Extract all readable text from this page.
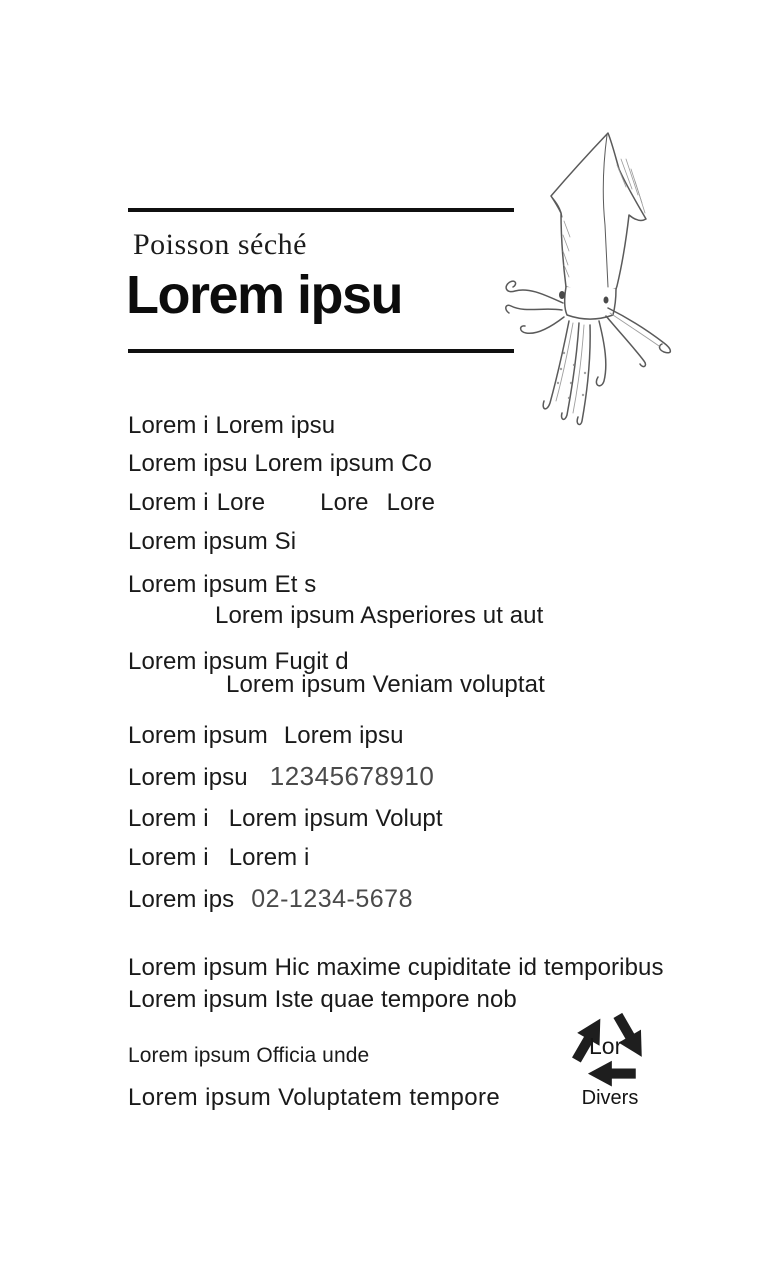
Poisson séché
Lorem ipsu
Lorem i Lorem ipsu
Lorem ipsu Lorem ipsum Co
Lorem i Lore Lore Lore
Lorem ipsum Si
Lorem ipsum Et s
Lorem ipsum Asperiores ut aut
Lorem ipsum Fugit d
Lorem ipsum Veniam voluptat
Lorem ipsum Lorem ipsu
Lorem ipsu 12345678910
Lorem i Lorem ipsum Volupt
Lorem i Lorem i
Lorem ips 02-1234-5678
Lorem ipsum Hic maxime cupiditate id temporibus
Lorem ipsum Iste quae tempore nob
Lorem ipsum Officia unde
Lorem ipsum Voluptatem tempore
Lor
Divers
